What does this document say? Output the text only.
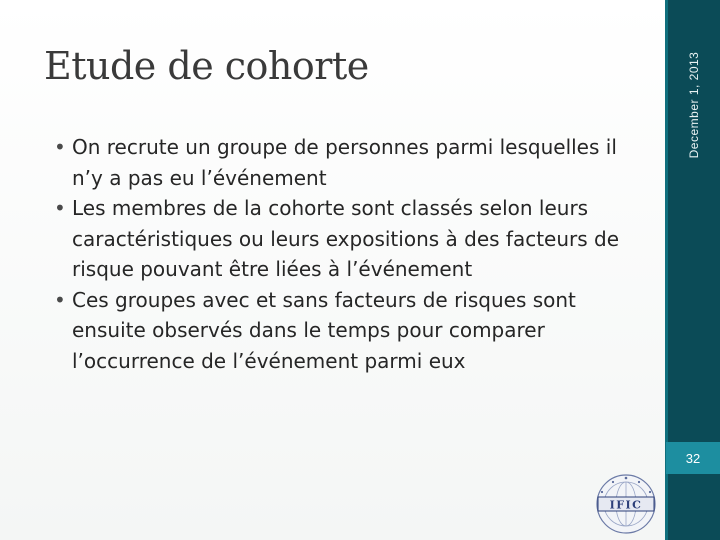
Etude de cohorte
• On recrute un groupe de personnes parmi lesquelles il n’y a pas eu l’événement
• Les membres de la cohorte sont classés selon leurs caractéristiques ou leurs expositions à des facteurs de risque pouvant être liées à l’événement
• Ces groupes avec et sans facteurs de risques sont ensuite observés dans le temps pour comparer l’occurrence de l’événement parmi eux
December 1, 2013
32
IFIC
